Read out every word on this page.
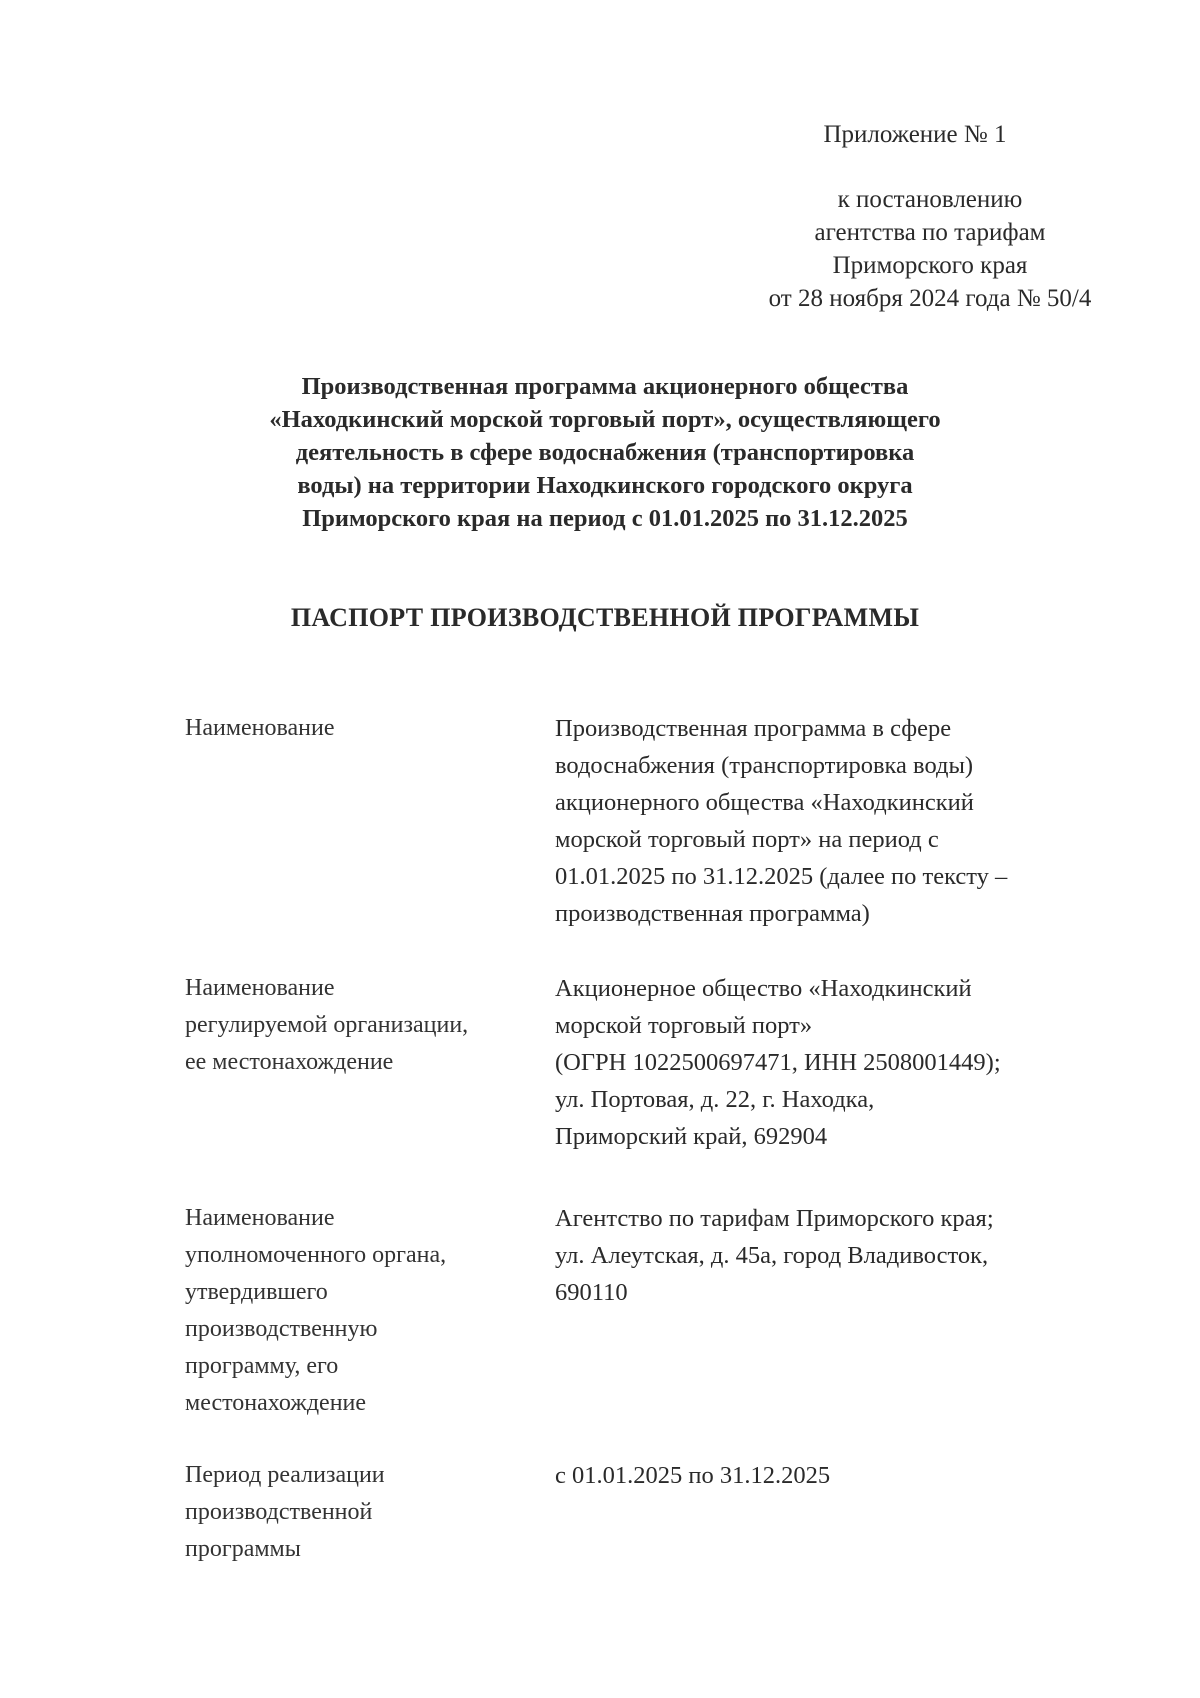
Приложение № 1
к постановлению
агентства по тарифам
Приморского края
от 28 ноября 2024 года № 50/4
Производственная программа акционерного общества
«Находкинский морской торговый порт», осуществляющего
деятельность в сфере водоснабжения (транспортировка
воды) на территории Находкинского городского округа
Приморского края на период с 01.01.2025 по 31.12.2025
ПАСПОРТ ПРОИЗВОДСТВЕННОЙ ПРОГРАММЫ
Наименование	Производственная программа в сфере
водоснабжения (транспортировка воды)
акционерного общества «Находкинский
морской торговый порт» на период с
01.01.2025 по 31.12.2025 (далее по тексту –
производственная программа)
Наименование
регулируемой организации,
ее местонахождение
Акционерное общество «Находкинский
морской торговый порт»
(ОГРН 1022500697471, ИНН 2508001449);
ул. Портовая, д. 22, г. Находка,
Приморский край, 692904
Наименование
уполномоченного органа,
утвердившего
производственную
программу, его
местонахождение
Агентство по тарифам Приморского края;
ул. Алеутская, д. 45а, город Владивосток,
690110
Период реализации
производственной
программы
с 01.01.2025 по 31.12.2025
